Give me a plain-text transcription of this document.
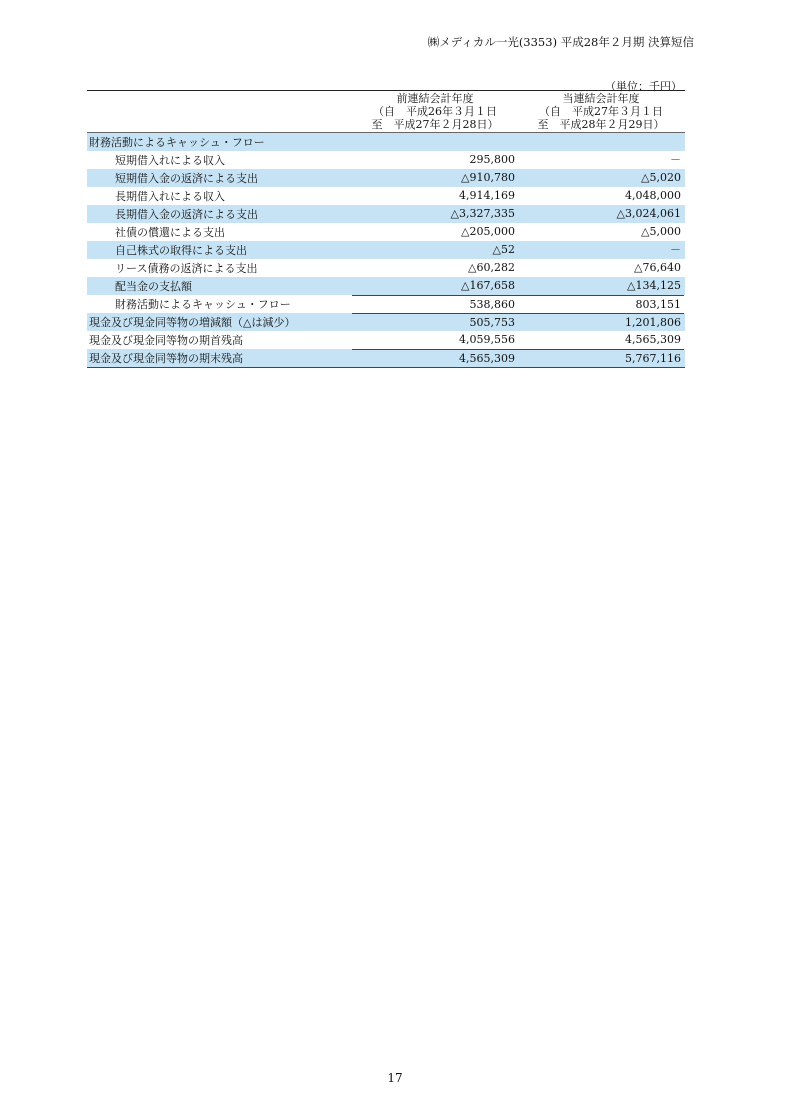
㈱メディカル一光(3353) 平成28年２月期 決算短信
（単位：千円）
前連結会計年度
（自　平成26年３月１日
至　平成27年２月28日）
当連結会計年度
（自　平成27年３月１日
至　平成28年２月29日）
財務活動によるキャッシュ・フロー
短期借入れによる収入	295,800	－
短期借入金の返済による支出	△910,780	△5,020
長期借入れによる収入	4,914,169	4,048,000
長期借入金の返済による支出	△3,327,335	△3,024,061
社債の償還による支出	△205,000	△5,000
自己株式の取得による支出	△52	－
リース債務の返済による支出	△60,282	△76,640
配当金の支払額	△167,658	△134,125
財務活動によるキャッシュ・フロー	538,860	803,151
現金及び現金同等物の増減額（△は減少）	505,753	1,201,806
現金及び現金同等物の期首残高	4,059,556	4,565,309
現金及び現金同等物の期末残高	4,565,309	5,767,116
17
